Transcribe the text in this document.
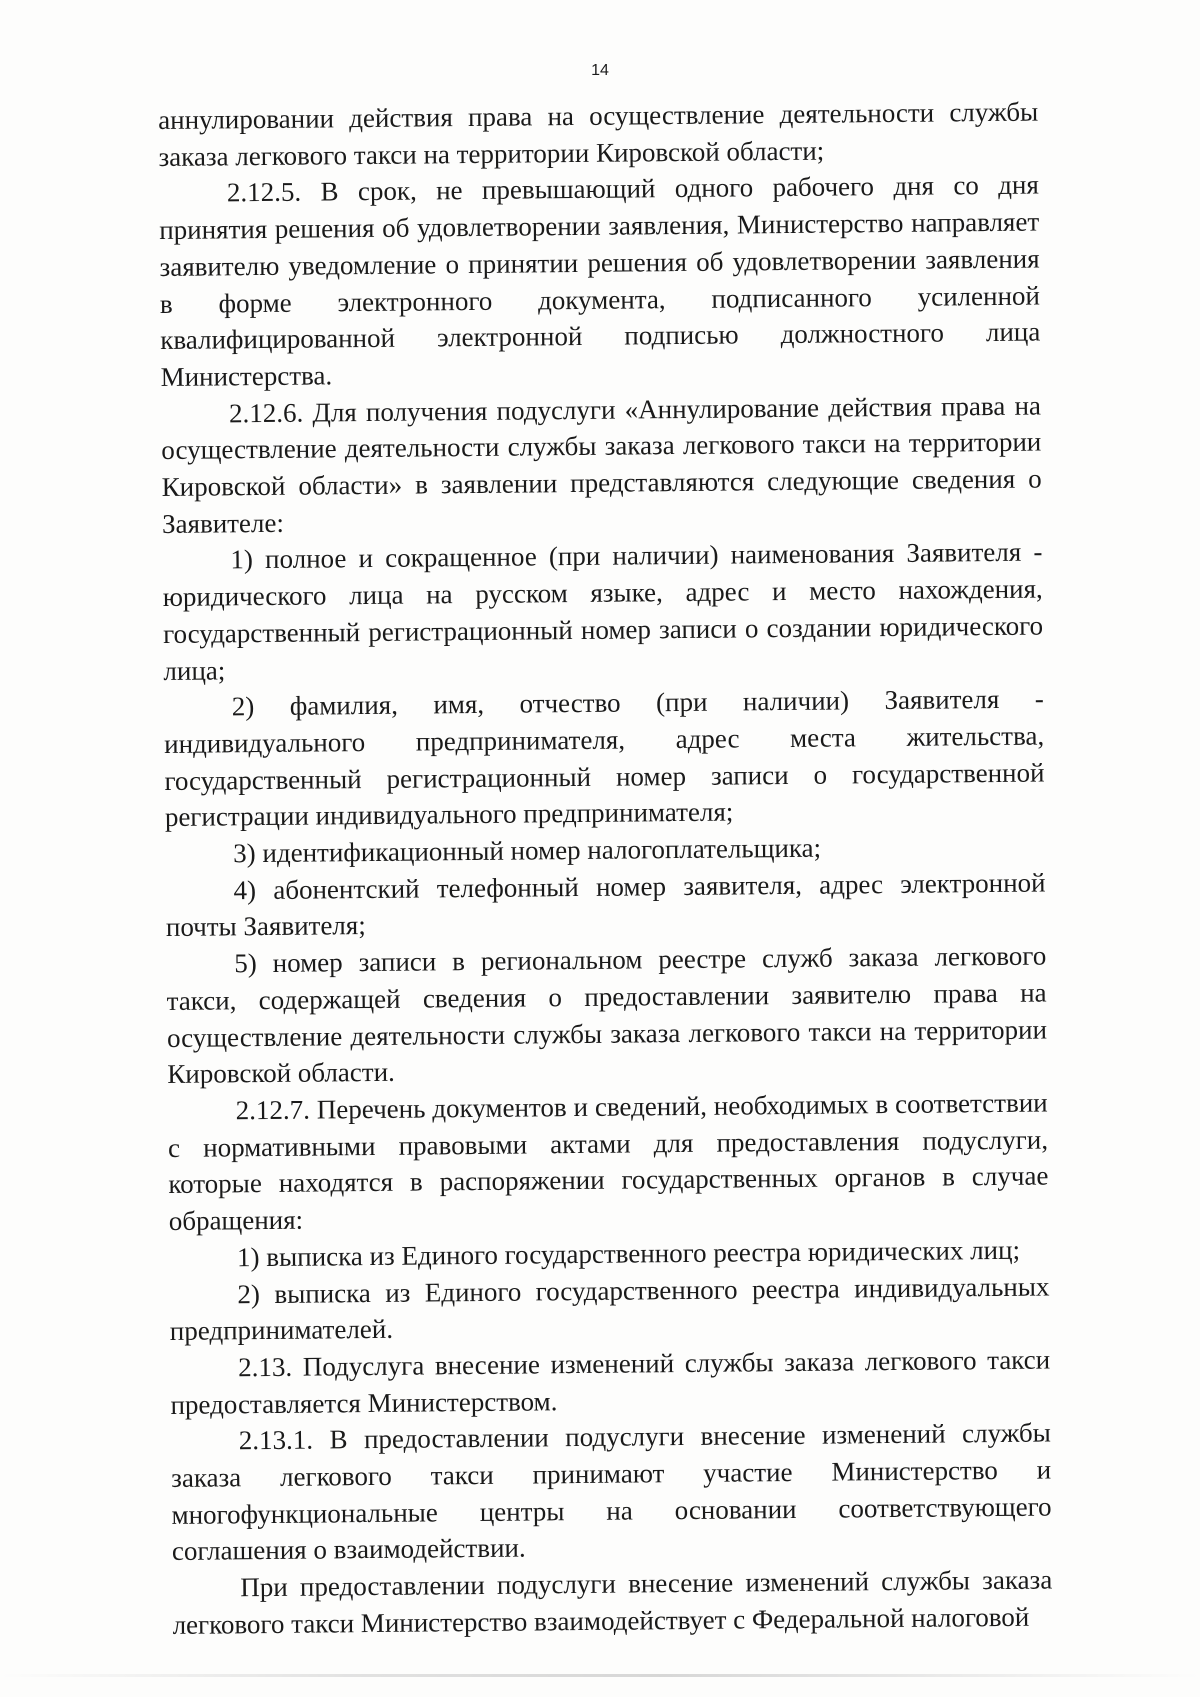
14

аннулировании действия права на осуществление деятельности службы заказа легкового такси на территории Кировской области;

2.12.5. В срок, не превышающий одного рабочего дня со дня принятия решения об удовлетворении заявления, Министерство направляет заявителю уведомление о принятии решения об удовлетворении заявления в форме электронного документа, подписанного усиленной квалифицированной электронной подписью должностного лица Министерства.

2.12.6. Для получения подуслуги «Аннулирование действия права на осуществление деятельности службы заказа легкового такси на территории Кировской области» в заявлении представляются следующие сведения о Заявителе:

1) полное и сокращенное (при наличии) наименования Заявителя - юридического лица на русском языке, адрес и место нахождения, государственный регистрационный номер записи о создании юридического лица;

2) фамилия, имя, отчество (при наличии) Заявителя - индивидуального предпринимателя, адрес места жительства, государственный регистрационный номер записи о государственной регистрации индивидуального предпринимателя;

3) идентификационный номер налогоплательщика;

4) абонентский телефонный номер заявителя, адрес электронной почты Заявителя;

5) номер записи в региональном реестре служб заказа легкового такси, содержащей сведения о предоставлении заявителю права на осуществление деятельности службы заказа легкового такси на территории Кировской области.

2.12.7. Перечень документов и сведений, необходимых в соответствии с нормативными правовыми актами для предоставления подуслуги, которые находятся в распоряжении государственных органов в случае обращения:

1) выписка из Единого государственного реестра юридических лиц;

2) выписка из Единого государственного реестра индивидуальных предпринимателей.

2.13. Подуслуга внесение изменений службы заказа легкового такси предоставляется Министерством.

2.13.1. В предоставлении подуслуги внесение изменений службы заказа легкового такси принимают участие Министерство и многофункциональные центры на основании соответствующего соглашения о взаимодействии.

При предоставлении подуслуги внесение изменений службы заказа легкового такси Министерство взаимодействует с Федеральной налоговой
